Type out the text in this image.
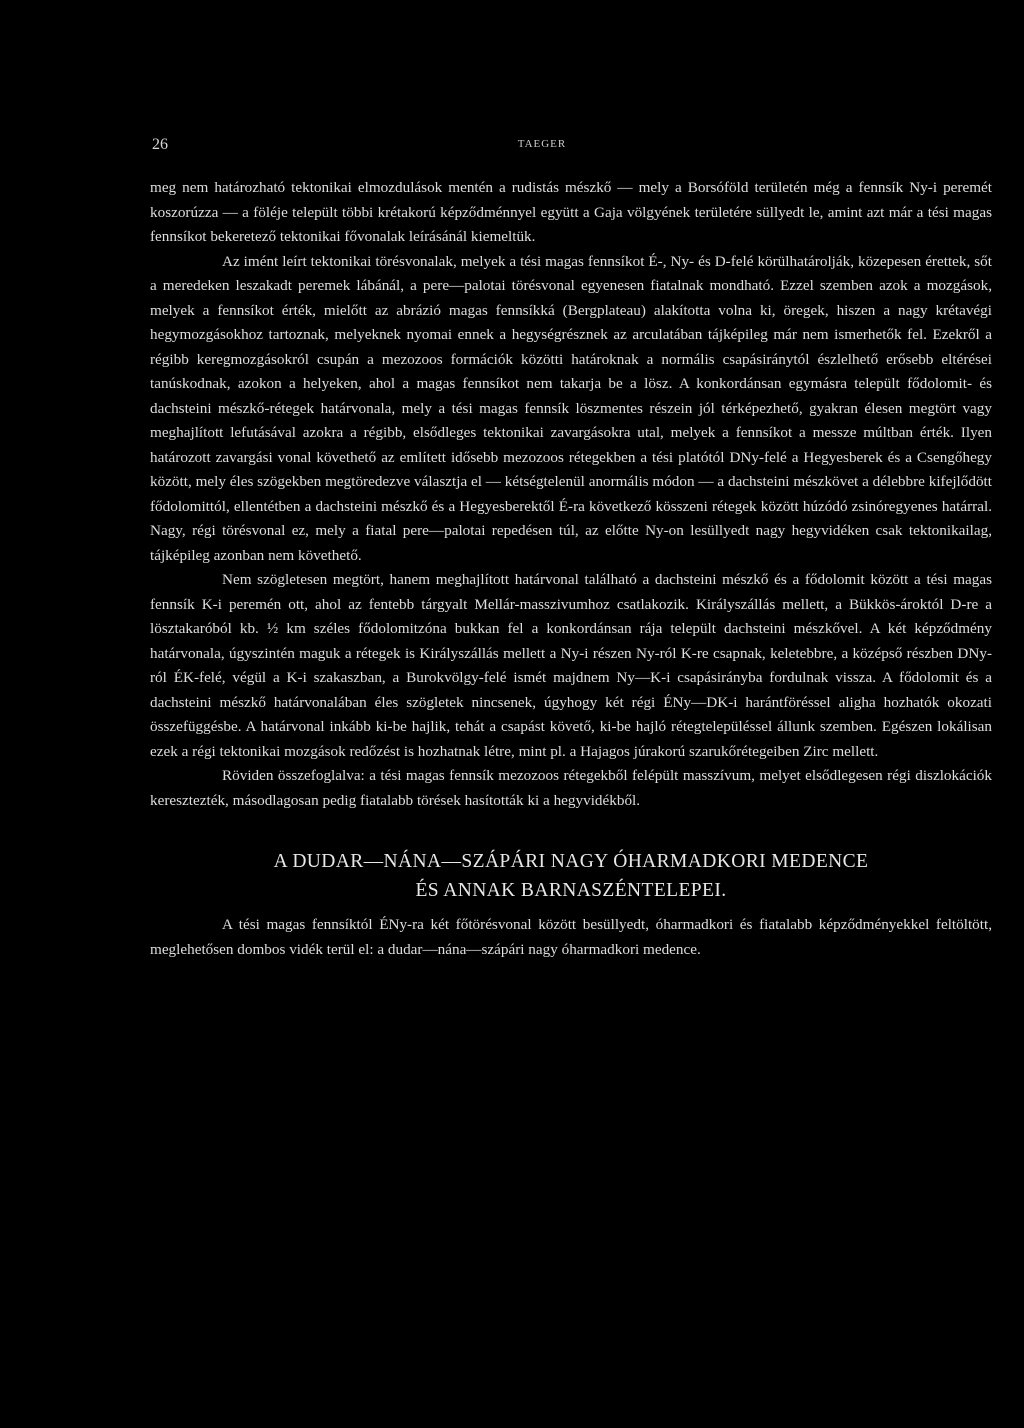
26	TAEGER

meg nem határozható tektonikai elmozdulások mentén a rudistás mészkő — mely a Borsóföld területén még a fennsík Ny-i peremét koszorúzza — a föléje települt többi krétakorú képződménnyel együtt a Gaja völgyének területére süllyedt le, amint azt már a tési magas fennsíkot bekeretező tektonikai fővonalak leírásánál kiemeltük.

Az imént leírt tektonikai törésvonalak, melyek a tési magas fennsíkot É-, Ny- és D-felé körülhatárolják, közepesen érettek, sőt a meredeken leszakadt peremek lábánál, a pere—palotai törésvonal egyenesen fiatalnak mondható. Ezzel szemben azok a mozgások, melyek a fennsíkot érték, mielőtt az abrázió magas fennsíkká (Bergplateau) alakította volna ki, öregek, hiszen a nagy krétavégi hegymozgásokhoz tartoznak, melyeknek nyomai ennek a hegységrésznek az arculatában tájképileg már nem ismerhetők fel. Ezekről a régibb keregmozgásokról csupán a mezozoos formációk közötti határoknak a normális csapásiránytól észlelhető erősebb eltérései tanúskodnak, azokon a helyeken, ahol a magas fennsíkot nem takarja be a lösz. A konkordánsan egymásra települt fődolomit- és dachsteini mészkő-rétegek határvonala, mely a tési magas fennsík löszmentes részein jól térképezhető, gyakran élesen megtört vagy meghajlított lefutásával azokra a régibb, elsődleges tektonikai zavargásokra utal, melyek a fennsíkot a messze múltban érték. Ilyen határozott zavargási vonal követhető az említett idősebb mezozoos rétegekben a tési platótól DNy-felé a Hegyesberek és a Csengőhegy között, mely éles szögekben megtöredezve választja el — kétségtelenül anormális módon — a dachsteini mészkövet a délebbre kifejlődött fődolomittól, ellentétben a dachsteini mészkő és a Hegyesberektől É-ra következő kösszeni rétegek között húzódó zsinóregyenes határral. Nagy, régi törésvonal ez, mely a fiatal pere—palotai repedésen túl, az előtte Ny-on lesüllyedt nagy hegyvidéken csak tektonikailag, tájképileg azonban nem követhető.

Nem szögletesen megtört, hanem meghajlított határvonal található a dachsteini mészkő és a fődolomit között a tési magas fennsík K-i peremén ott, ahol az fentebb tárgyalt Mellár-masszivumhoz csatlakozik. Királyszállás mellett, a Bükkös-ároktól D-re a lösztakaróból kb. ½ km széles fődolomitzóna bukkan fel a konkordánsan rája települt dachsteini mészkővel. A két képződmény határvonala, úgyszintén maguk a rétegek is Királyszállás mellett a Ny-i részen Ny-ról K-re csapnak, keletebbre, a középső részben DNy-ról ÉK-felé, végül a K-i szakaszban, a Burokvölgy-felé ismét majdnem Ny—K-i csapásirányba fordulnak vissza. A fődolomit és a dachsteini mészkő határvonalában éles szögletek nincsenek, úgyhogy két régi ÉNy—DK-i harántföréssel aligha hozhatók okozati összefüggésbe. A határvonal inkább ki-be hajlik, tehát a csapást követő, ki-be hajló rétegtelepüléssel állunk szemben. Egészen lokálisan ezek a régi tektonikai mozgások redőzést is hozhatnak létre, mint pl. a Hajagos júrakorú szarukőrétegeiben Zirc mellett.

Röviden összefoglalva: a tési magas fennsík mezozoos rétegekből felépült masszívum, melyet elsődlegesen régi diszlokációk keresztezték, másodlagosan pedig fiatalabb törések hasították ki a hegyvidékből.

A DUDAR—NÁNA—SZÁPÁRI NAGY ÓHARMADKORI MEDENCE
ÉS ANNAK BARNASZÉNTELEPEI.

A tési magas fennsíktól ÉNy-ra két főtörésvonal között besüllyedt, óharmadkori és fiatalabb képződményekkel feltöltött, meglehetősen dombos vidék terül el: a dudar—nána—szápári nagy óharmadkori medence.
